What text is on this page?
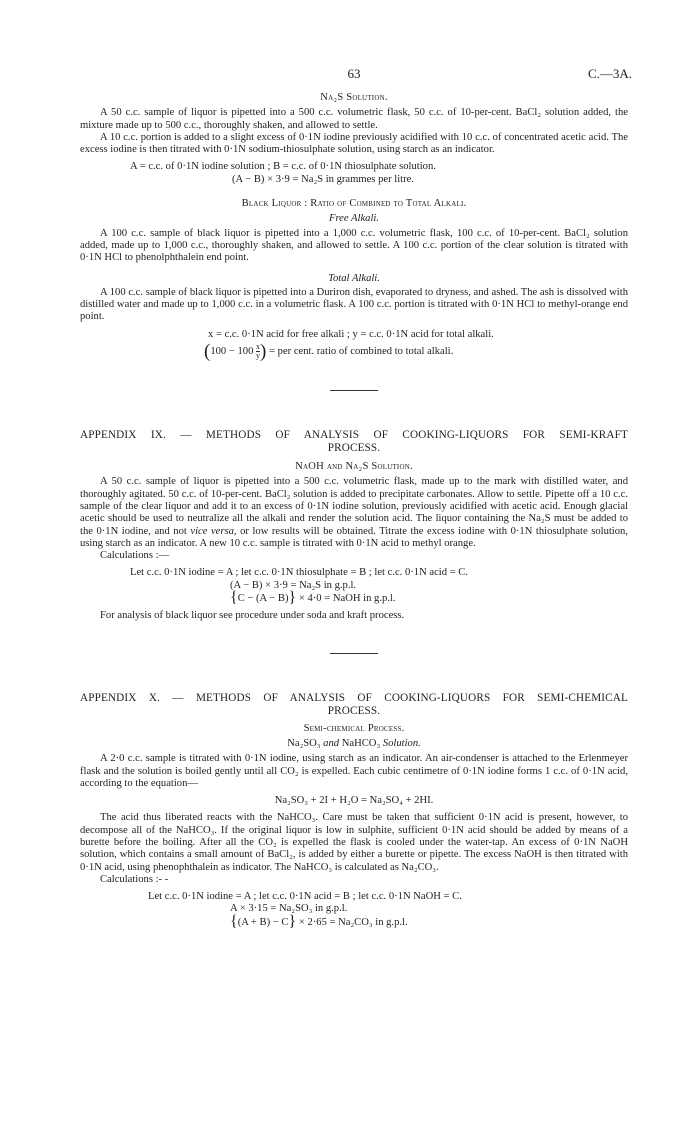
63	C.—3A.

Na₂S Solution.

A 50 c.c. sample of liquor is pipetted into a 500 c.c. volumetric flask, 50 c.c. of 10-per-cent. BaCl₂ solution added, the mixture made up to 500 c.c., thoroughly shaken, and allowed to settle.

A 10 c.c. portion is added to a slight excess of 0·1N iodine previously acidified with 10 c.c. of concentrated acetic acid. The excess iodine is then titrated with 0·1N sodium-thiosulphate solution, using starch as an indicator.

A = c.c. of 0·1N iodine solution ; B = c.c. of 0·1N thiosulphate solution.

(A − B) × 3·9 = Na₂S in grammes per litre.

Black Liquor : Ratio of Combined to Total Alkali.

Free Alkali.

A 100 c.c. sample of black liquor is pipetted into a 1,000 c.c. volumetric flask, 100 c.c. of 10-per-cent. BaCl₂ solution added, made up to 1,000 c.c., thoroughly shaken, and allowed to settle. A 100 c.c. portion of the clear solution is titrated with 0·1N HCl to phenolphthalein end point.

Total Alkali.

A 100 c.c. sample of black liquor is pipetted into a Duriron dish, evaporated to dryness, and ashed. The ash is dissolved with distilled water and made up to 1,000 c.c. in a volumetric flask. A 100 c.c. portion is titrated with 0·1N HCl to methyl-orange end point.

x = c.c. 0·1N acid for free alkali ; y = c.c. 0·1N acid for total alkali.

($100 - 100 \frac{x}{y}$ ) = per cent. ratio of combined to total alkali.

APPENDIX IX. — METHODS OF ANALYSIS OF COOKING-LIQUORS FOR SEMI-KRAFT
PROCESS.

NaOH and Na₂S Solution.

A 50 c.c. sample of liquor is pipetted into a 500 c.c. volumetric flask, made up to the mark with distilled water, and thoroughly agitated. 50 c.c. of 10-per-cent. BaCl₂ solution is added to precipitate carbonates. Allow to settle. Pipette off a 10 c.c. sample of the clear liquor and add it to an excess of 0·1N iodine solution, previously acidified with acetic acid. Enough glacial acetic should be used to neutralize all the alkali and render the solution acid. The liquor containing the Na₂S must be added to the 0·1N iodine, and not vice versa, or low results will be obtained. Titrate the excess iodine with 0·1N thiosulphate solution, using starch as an indicator. A new 10 c.c. sample is titrated with 0·1N acid to methyl orange.

Calculations :—

Let c.c. 0·1N iodine = A ; let c.c. 0·1N thiosulphate = B ; let c.c. 0·1N acid = C.

(A − B) × 3·9 = Na₂S in g.p.l.

{C − (A − B)} × 4·0 = NaOH in g.p.l.

For analysis of black liquor see procedure under soda and kraft process.

APPENDIX X. — METHODS OF ANALYSIS OF COOKING-LIQUORS FOR SEMI-CHEMICAL
PROCESS.

Semi-chemical Process.

Na₂SO₃ and NaHCO₃ Solution.

A 2·0 c.c. sample is titrated with 0·1N iodine, using starch as an indicator. An air-condenser is attached to the Erlenmeyer flask and the solution is boiled gently until all CO₂ is expelled. Each cubic centimetre of 0·1N iodine forms 1 c.c. of 0·1N acid, according to the equation—

Na₂SO₃ + 2I + H₂O = Na₂SO₄ + 2HI.

The acid thus liberated reacts with the NaHCO₃. Care must be taken that sufficient 0·1N acid is present, however, to decompose all of the NaHCO₃. If the original liquor is low in sulphite, sufficient 0·1N acid should be added by means of a burette before the boiling. After all the CO₂ is expelled the flask is cooled under the water-tap. An excess of 0·1N NaOH solution, which contains a small amount of BaCl₂, is added by either a burette or pipette. The excess NaOH is then titrated with 0·1N acid, using phenophthalein as indicator. The NaHCO₃ is calculated as Na₂CO₃.

Calculations :- -

Let c.c. 0·1N iodine = A ; let c.c. 0·1N acid = B ; let c.c. 0·1N NaOH = C.

A × 3·15 = Na₂SO₃ in g.p.l.

{(A + B) − C} × 2·65 = Na₂CO₃ in g.p.l.
